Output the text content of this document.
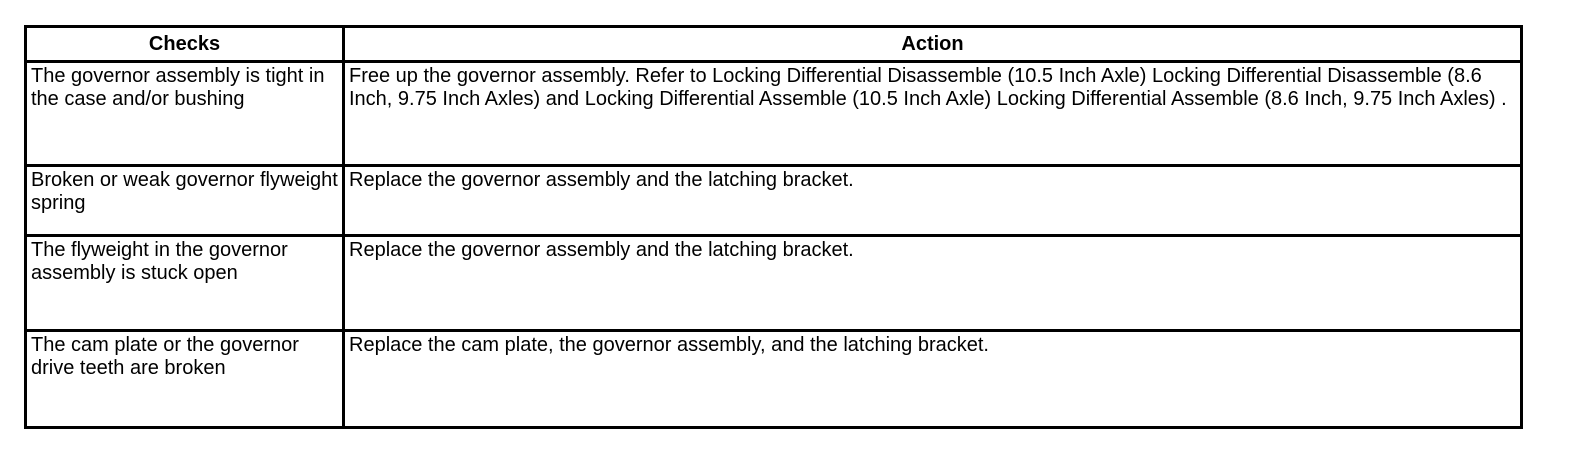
Checks	Action
The governor assembly is tight in the case and/or bushing	Free up the governor assembly. Refer to Locking Differential Disassemble (10.5 Inch Axle) Locking Differential Disassemble (8.6 Inch, 9.75 Inch Axles) and Locking Differential Assemble (10.5 Inch Axle) Locking Differential Assemble (8.6 Inch, 9.75 Inch Axles) .
Broken or weak governor flyweight spring	Replace the governor assembly and the latching bracket.
The flyweight in the governor assembly is stuck open	Replace the governor assembly and the latching bracket.
The cam plate or the governor drive teeth are broken	Replace the cam plate, the governor assembly, and the latching bracket.
